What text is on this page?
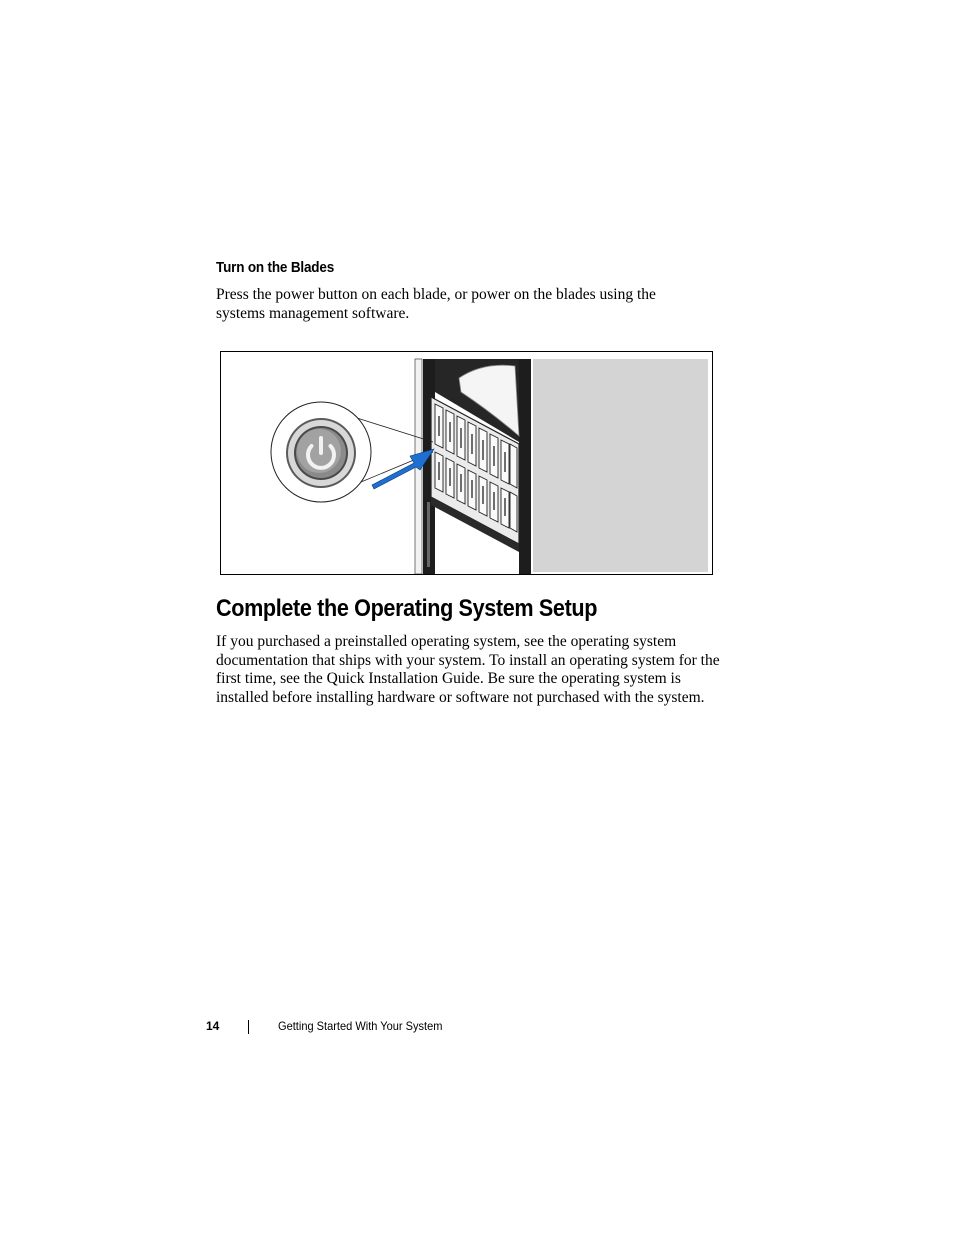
Turn on the Blades

Press the power button on each blade, or power on the blades using the systems management software.

Complete the Operating System Setup

If you purchased a preinstalled operating system, see the operating system documentation that ships with your system. To install an operating system for the first time, see the Quick Installation Guide. Be sure the operating system is installed before installing hardware or software not purchased with the system.

14	Getting Started With Your System
